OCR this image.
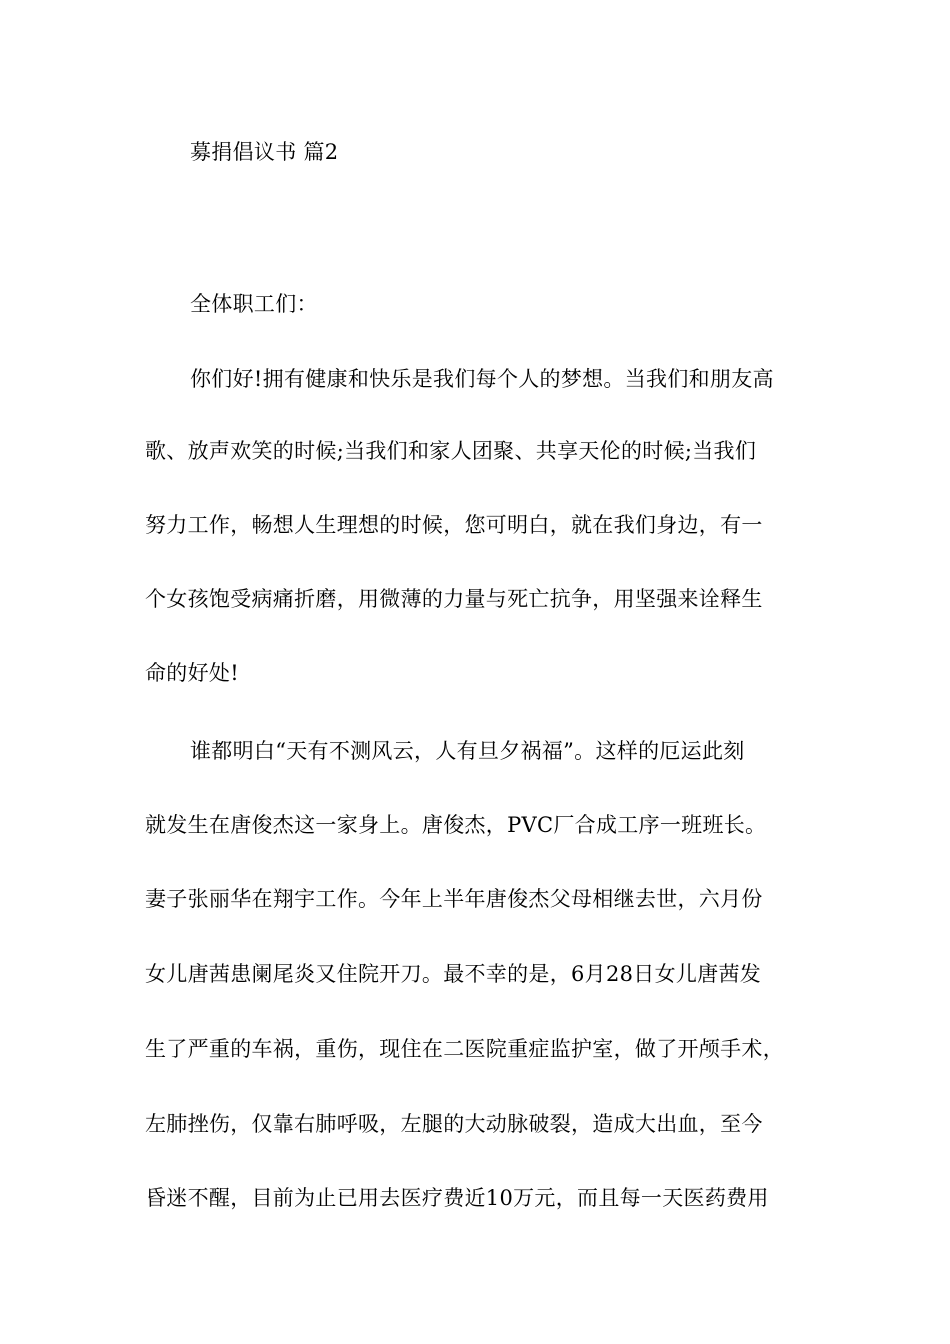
募捐倡议书 篇2
全体职工们：
你们好!拥有健康和快乐是我们每个人的梦想。当我们和朋友高
歌、放声欢笑的时候;当我们和家人团聚、共享天伦的时候;当我们
努力工作，畅想人生理想的时候，您可明白，就在我们身边，有一
个女孩饱受病痛折磨，用微薄的力量与死亡抗争，用坚强来诠释生
命的好处!
谁都明白“天有不测风云，人有旦夕祸福”。这样的厄运此刻
就发生在唐俊杰这一家身上。唐俊杰，PVC厂合成工序一班班长。
妻子张丽华在翔宇工作。今年上半年唐俊杰父母相继去世，六月份
女儿唐茜患阑尾炎又住院开刀。最不幸的是，6月28日女儿唐茜发
生了严重的车祸，重伤，现住在二医院重症监护室，做了开颅手术，
左肺挫伤，仅靠右肺呼吸，左腿的大动脉破裂，造成大出血，至今
昏迷不醒，目前为止已用去医疗费近10万元，而且每一天医药费用
